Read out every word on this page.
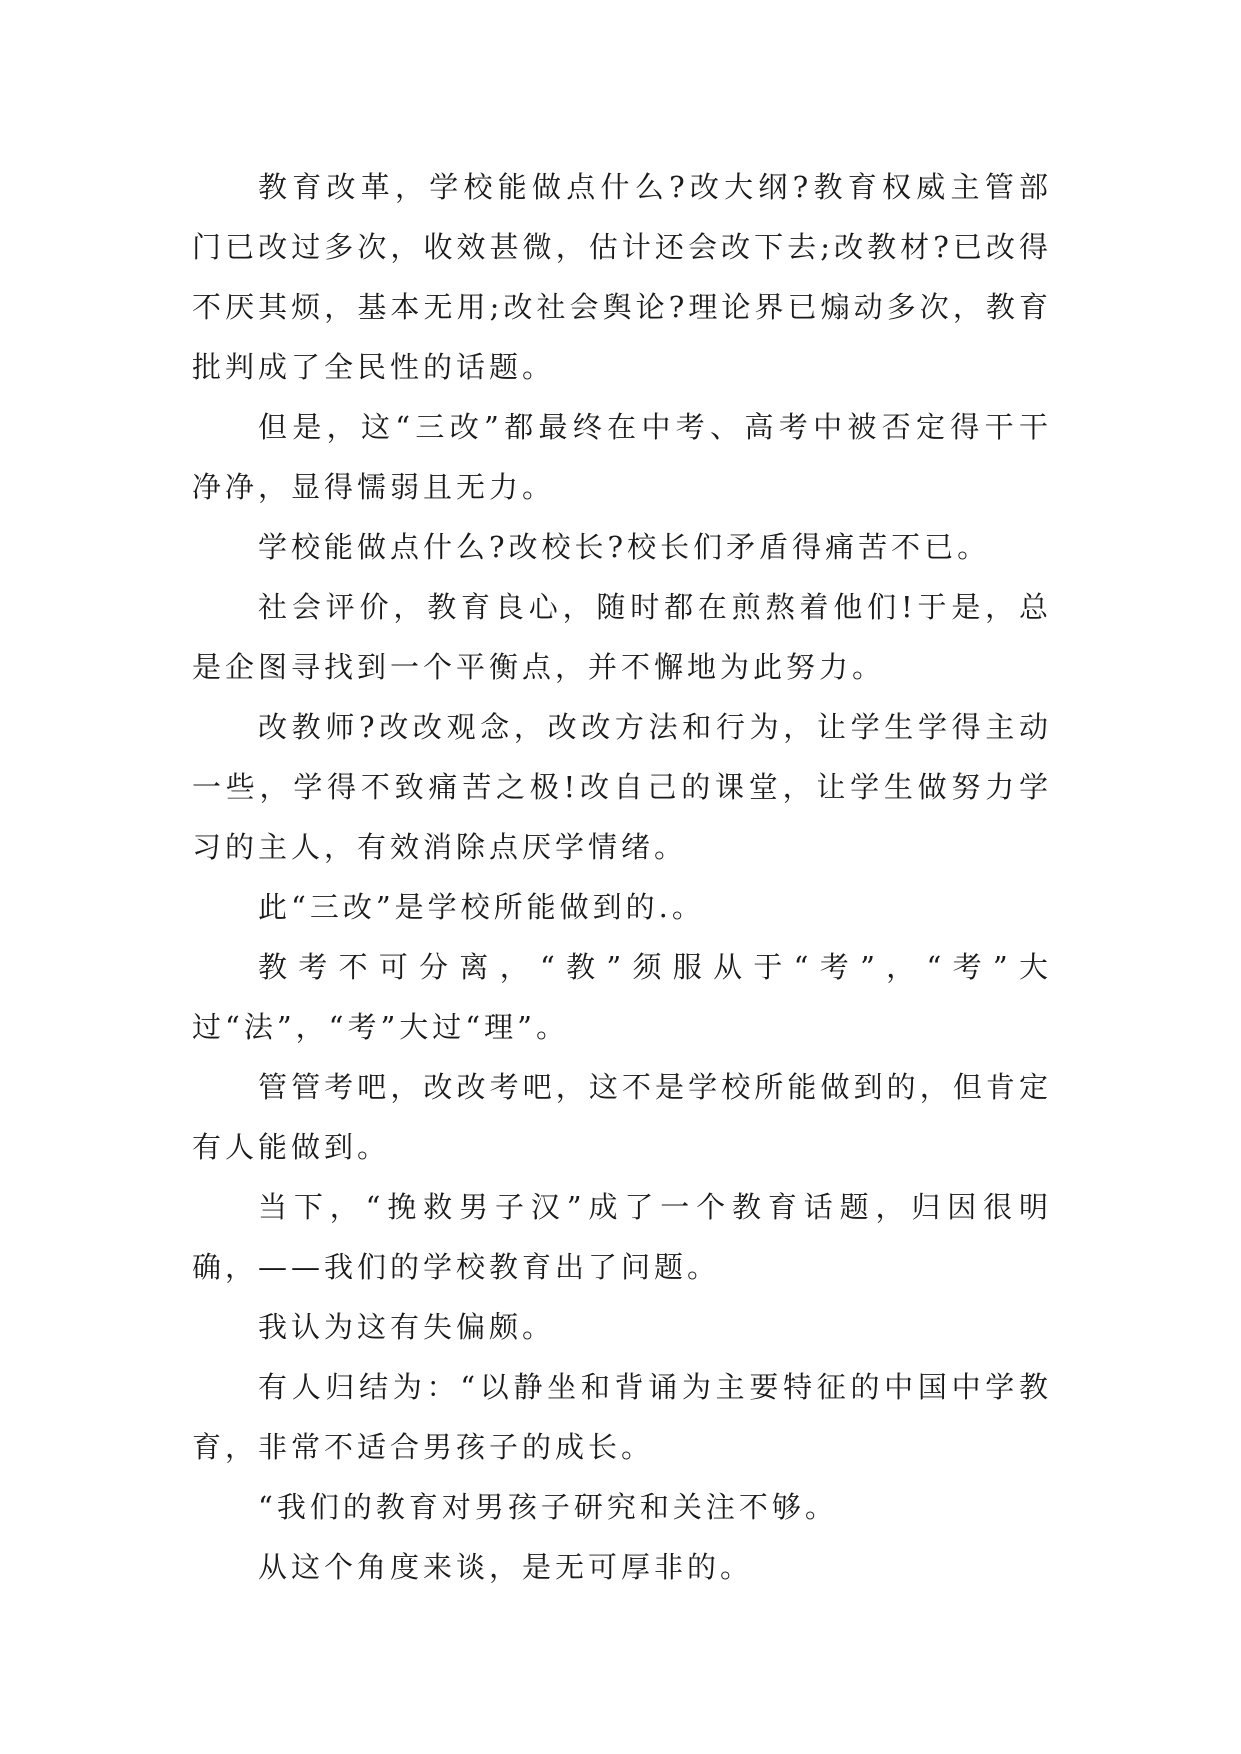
教育改革，学校能做点什么?改大纲?教育权威主管部门已改过多次，收效甚微，估计还会改下去;改教材?已改得不厌其烦，基本无用;改社会舆论?理论界已煽动多次，教育批判成了全民性的话题。

但是，这“三改”都最终在中考、高考中被否定得干干净净，显得懦弱且无力。

学校能做点什么?改校长?校长们矛盾得痛苦不已。

社会评价，教育良心，随时都在煎熬着他们!于是，总是企图寻找到一个平衡点，并不懈地为此努力。

改教师?改改观念，改改方法和行为，让学生学得主动一些，学得不致痛苦之极!改自己的课堂，让学生做努力学习的主人，有效消除点厌学情绪。

此“三改”是学校所能做到的.。

教考不可分离，“教”须服从于“考”，“考”大过“法”，“考”大过“理”。

管管考吧，改改考吧，这不是学校所能做到的，但肯定有人能做到。

当下，“挽救男子汉”成了一个教育话题，归因很明确，——我们的学校教育出了问题。

我认为这有失偏颇。

有人归结为：“以静坐和背诵为主要特征的中国中学教育，非常不适合男孩子的成长。

“我们的教育对男孩子研究和关注不够。

从这个角度来谈，是无可厚非的。
